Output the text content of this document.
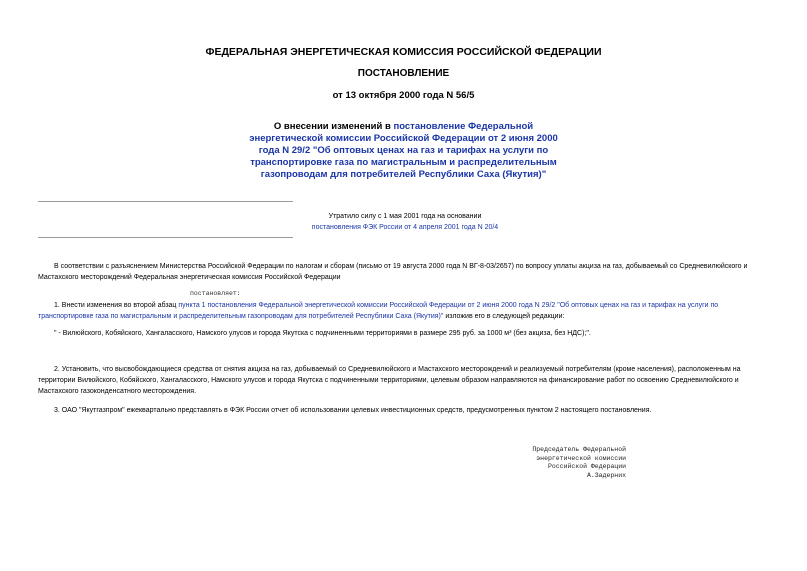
ФЕДЕРАЛЬНАЯ ЭНЕРГЕТИЧЕСКАЯ КОМИССИЯ РОССИЙСКОЙ ФЕДЕРАЦИИ
ПОСТАНОВЛЕНИЕ
от 13 октября 2000 года N 56/5
О внесении изменений в постановление Федеральной энергетической комиссии Российской Федерации от 2 июня 2000 года N 29/2 "Об оптовых ценах на газ и тарифах на услуги по транспортировке газа по магистральным и распределительным газопроводам для потребителей Республики Саха (Якутия)"
Утратило силу с 1 мая 2001 года на основании
постановления ФЭК России от 4 апреля 2001 года N 20/4
В соответствии с разъяснением Министерства Российской Федерации по налогам и сборам (письмо от 19 августа 2000 года N ВГ-8-03/2657) по вопросу уплаты акциза на газ, добываемый со Средневилюйского и Мастахского месторождений Федеральная энергетическая комиссия Российской Федерации
постановляет:
1. Внести изменения во второй абзац пункта 1 постановления Федеральной энергетической комиссии Российской Федерации от 2 июня 2000 года N 29/2 "Об оптовых ценах на газ и тарифах на услуги по транспортировке газа по магистральным и распределительным газопроводам для потребителей Республики Саха (Якутия)" изложив его в следующей редакции:
" - Вилюйского, Кобяйского, Хангаласского, Намского улусов и города Якутска с подчиненными территориями в размере 295 руб. за 1000 м³ (без акциза, без НДС);".
2. Установить, что высвобождающиеся средства от снятия акциза на газ, добываемый со Средневилюйского и Мастахского месторождений и реализуемый потребителям (кроме населения), расположенным на территории Вилюйского, Кобяйского, Хангаласского, Намского улусов и города Якутска с подчиненными территориями, целевым образом направляются на финансирование работ по освоению Средневилюйского и Мастахского газоконденсатного месторождения.
3. ОАО "Якутгазпром" ежеквартально представлять в ФЭК России отчет об использовании целевых инвестиционных средств, предусмотренных пунктом 2 настоящего постановления.
Председатель Федеральной
энергетической комиссии
Российской Федерации
А.Задерних
